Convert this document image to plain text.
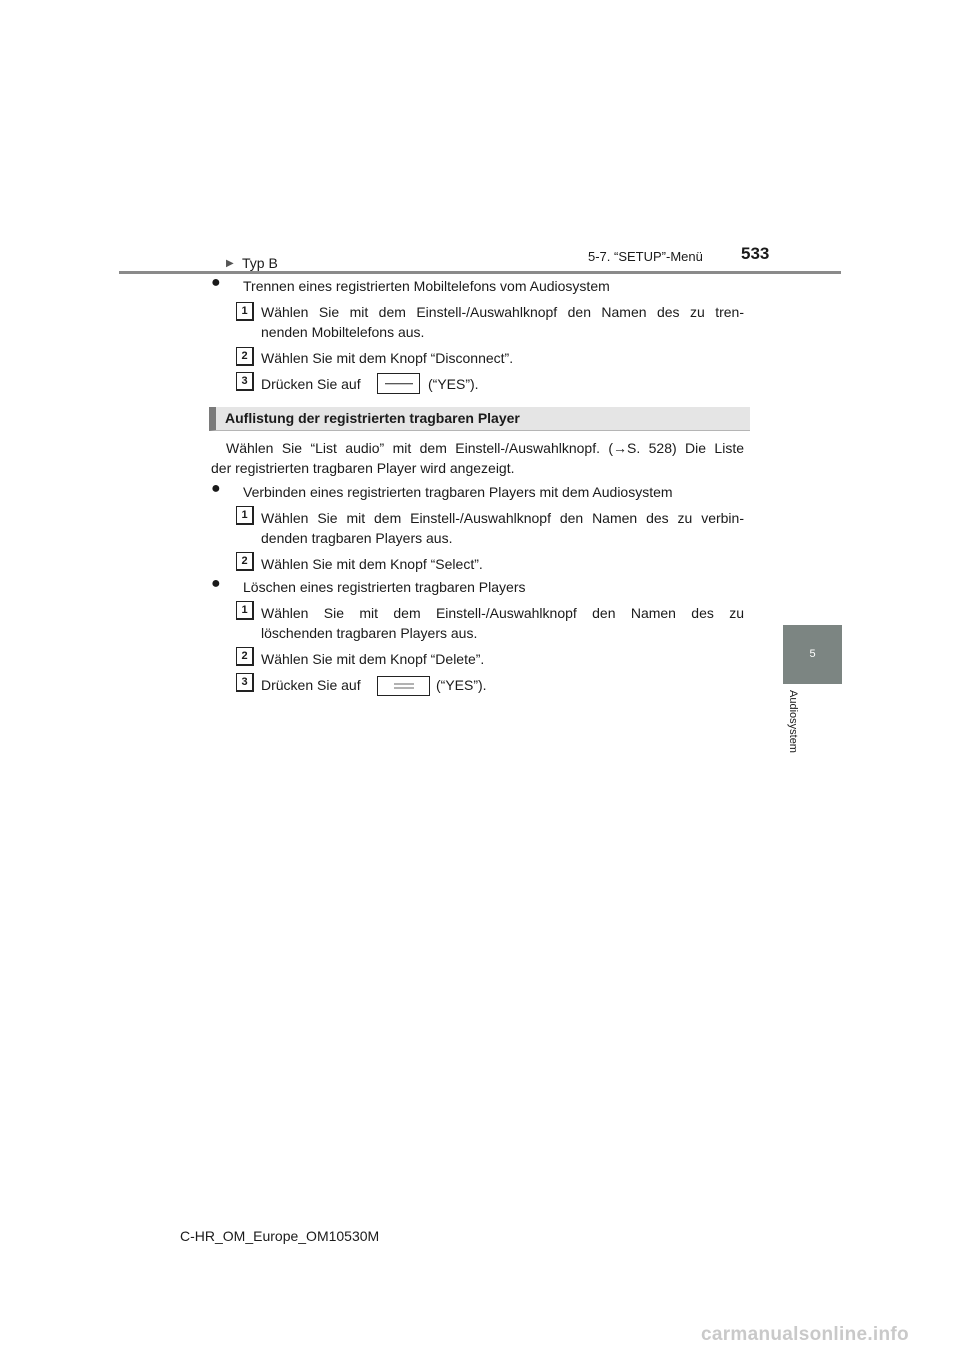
5-7. “SETUP”-Menü 533
5
Audiosystem
▶ Typ B
● Trennen eines registrierten Mobiltelefons vom Audiosystem
1 Wählen Sie mit dem Einstell-/Auswahlknopf den Namen des zu tren-
nenden Mobiltelefons aus.
2 Wählen Sie mit dem Knopf “Disconnect”.
3 Drücken Sie auf	(“YES”).
Auflistung der registrierten tragbaren Player
Wählen Sie “List audio” mit dem Einstell-/Auswahlknopf. (→S. 528) Die Liste
der registrierten tragbaren Player wird angezeigt.
● Verbinden eines registrierten tragbaren Players mit dem Audiosystem
1 Wählen Sie mit dem Einstell-/Auswahlknopf den Namen des zu verbin-
denden tragbaren Players aus.
2 Wählen Sie mit dem Knopf “Select”.
● Löschen eines registrierten tragbaren Players
1 Wählen Sie mit dem Einstell-/Auswahlknopf den Namen des zu
löschenden tragbaren Players aus.
2 Wählen Sie mit dem Knopf “Delete”.
3 Drücken Sie auf	(“YES”).
C-HR_OM_Europe_OM10530M
carmanualsonline.info
